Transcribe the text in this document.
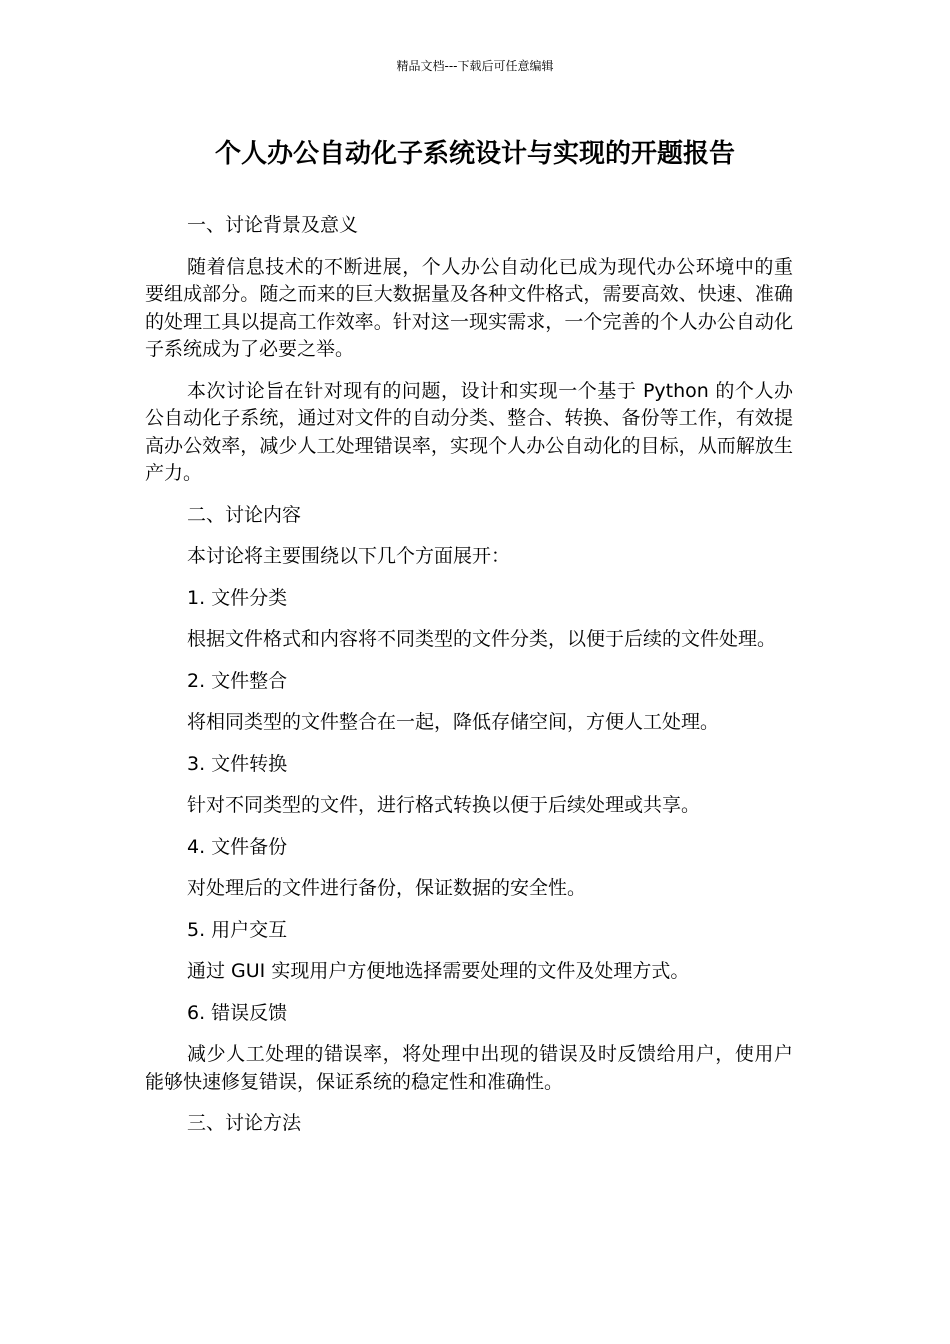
精品文档---下载后可任意编辑
个人办公自动化子系统设计与实现的开题报告

一、讨论背景及意义

随着信息技术的不断进展，个人办公自动化已成为现代办公环境中的重要组成部分。随之而来的巨大数据量及各种文件格式，需要高效、快速、准确的处理工具以提高工作效率。针对这一现实需求，一个完善的个人办公自动化子系统成为了必要之举。

本次讨论旨在针对现有的问题，设计和实现一个基于 Python 的个人办公自动化子系统，通过对文件的自动分类、整合、转换、备份等工作，有效提高办公效率，减少人工处理错误率，实现个人办公自动化的目标，从而解放生产力。

二、讨论内容

本讨论将主要围绕以下几个方面展开：

1. 文件分类

根据文件格式和内容将不同类型的文件分类，以便于后续的文件处理。

2. 文件整合

将相同类型的文件整合在一起，降低存储空间，方便人工处理。

3. 文件转换

针对不同类型的文件，进行格式转换以便于后续处理或共享。

4. 文件备份

对处理后的文件进行备份，保证数据的安全性。

5. 用户交互

通过 GUI 实现用户方便地选择需要处理的文件及处理方式。

6. 错误反馈

减少人工处理的错误率，将处理中出现的错误及时反馈给用户，使用户能够快速修复错误，保证系统的稳定性和准确性。

三、讨论方法
